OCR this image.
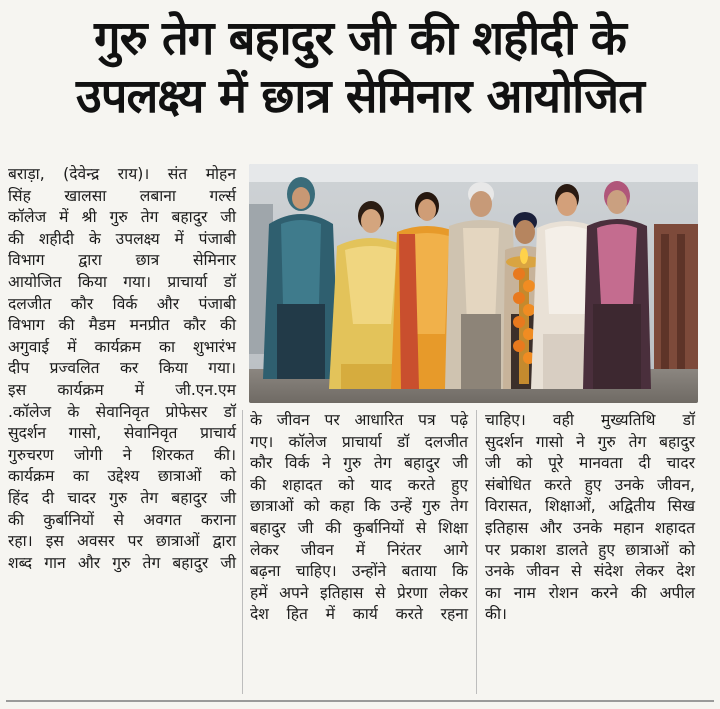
गुरु तेग बहादुर जी की शहीदी के
उपलक्ष्य में छात्र सेमिनार आयोजित

बराड़ा, (देवेन्द्र राय)। संत मोहन

सिंह खालसा लबाना गर्ल्स

कॉलेज में श्री गुरु तेग बहादुर जी

की शहीदी के उपलक्ष्य में पंजाबी

विभाग द्वारा छात्र सेमिनार

आयोजित किया गया। प्राचार्या डॉ

दलजीत कौर विर्क और पंजाबी

विभाग की मैडम मनप्रीत कौर की

अगुवाई में कार्यक्रम का शुभारंभ

दीप प्रज्वलित कर किया गया।

इस कार्यक्रम में जी.एन.एम

.कॉलेज के सेवानिवृत प्रोफेसर डॉ

सुदर्शन गासो, सेवानिवृत प्राचार्य

गुरुचरण जोगी ने शिरकत की।

कार्यक्रम का उद्देश्य छात्राओं को

हिंद दी चादर गुरु तेग बहादुर जी

की कुर्बानियों से अवगत कराना

रहा। इस अवसर पर छात्राओं द्वारा

शब्द गान और गुरु तेग बहादुर जी

के जीवन पर आधारित पत्र पढ़े

गए। कॉलेज प्राचार्या डॉ दलजीत

कौर विर्क ने गुरु तेग बहादुर जी

की शहादत को याद करते हुए

छात्राओं को कहा कि उन्हें गुरु तेग

बहादुर जी की कुर्बानियों से शिक्षा

लेकर जीवन में निरंतर आगे

बढ़ना चाहिए। उन्होंने बताया कि

हमें अपने इतिहास से प्रेरणा लेकर

देश हित में कार्य करते रहना

चाहिए। वही मुख्यतिथि डॉ

सुदर्शन गासो ने गुरु तेग बहादुर

जी को पूरे मानवता दी चादर

संबोधित करते हुए उनके जीवन,

विरासत, शिक्षाओं, अद्वितीय सिख

इतिहास और उनके महान शहादत

पर प्रकाश डालते हुए छात्राओं को

उनके जीवन से संदेश लेकर देश

का नाम रोशन करने की अपील

की।
